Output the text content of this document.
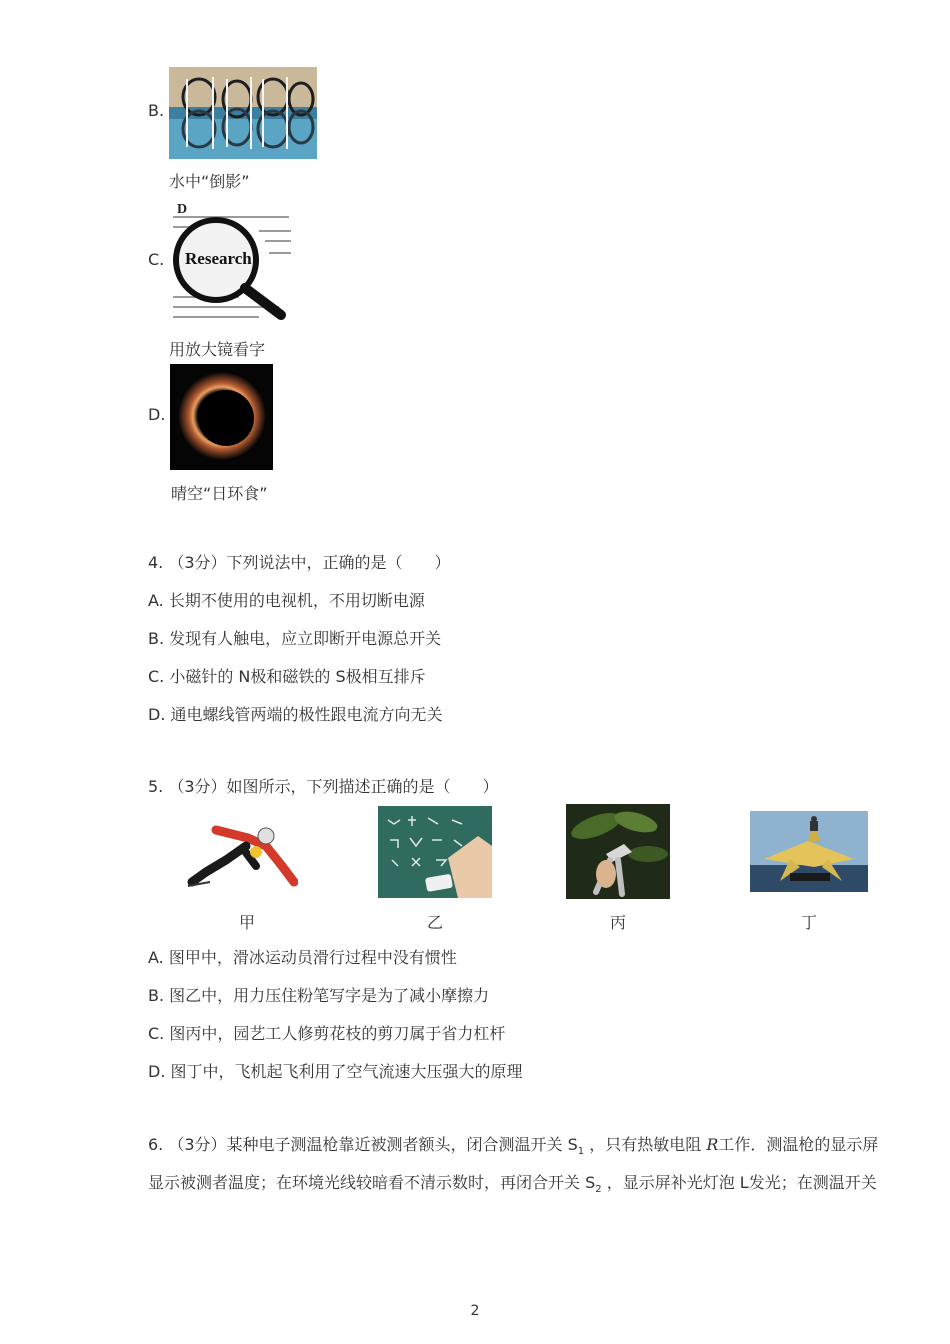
B.
水中“倒影”
C.
D
Research
用放大镜看字
D.
晴空“日环食”
4. （3分）下列说法中，正确的是（　　）
A. 长期不使用的电视机，不用切断电源
B. 发现有人触电，应立即断开电源总开关
C. 小磁针的 N极和磁铁的 S极相互排斥
D. 通电螺线管两端的极性跟电流方向无关
5. （3分）如图所示，下列描述正确的是（　　）
甲	乙	丙	丁
A. 图甲中，滑冰运动员滑行过程中没有惯性
B. 图乙中，用力压住粉笔写字是为了减小摩擦力
C. 图丙中，园艺工人修剪花枝的剪刀属于省力杠杆
D. 图丁中，飞机起飞利用了空气流速大压强大的原理
6. （3分）某种电子测温枪靠近被测者额头，闭合测温开关 $S_1$ ，只有热敏电阻 R工作．测温枪的显示屏
显示被测者温度；在环境光线较暗看不清示数时，再闭合开关 $S_2$ ，显示屏补光灯泡 L发光；在测温开关
2
